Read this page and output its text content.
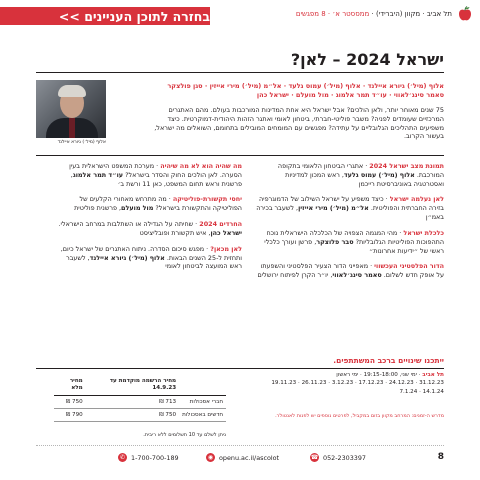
בחזרה לתוכן העניינים >>	תל אביב · מקוון (היברידי) · ממססטר א׳ · 8 מפגשים
ישראל 2024 – לאן?
אלוף (מיל׳) גיורא איילנד
אלוף (מיל׳) גיורא איילנד · אלוף (מיל׳) עמוס גלעד · אל״מ (מיל׳) מירי אייזין · סגן פולצקר סאמר סינג׳לאווי · עו״ד תמר אלמוג · מול מועלם · ישראל כהן
75 שנים מאוחר יותר, ולאן הולכים? אבל ישראל היא אחת המדינות המורכבות בעולם. מהם האתגרים המרכזיים שעומדים לפניה? משבר פוליטי-חברתי, ביטחון לאומי ואתגר הזהות היהודית-דמוקרטית. כיצד משפיעים התהליכים הגלובליים על עתידה? מפגשים עם המומחים המובילים בתחומם, השואלים מה ישראל, בעשור הקרוב.
תמונת מצב ישראל 2024 · אתגרי הביטחון הלאומי בתקופה המורכבת. אלוף (מיל׳) עמוס גלעד, ראש המכון למדיניות ואסטרטגיה באוניברסיטת רייכמן
לאן נעלמה ישראל · כיצד משפיע על ישראל השילוב של הדמוגרפיה בזירה החברתית והפוליטית. אל״מ (מיל׳) מירי אייזין, לשעבר בכירה באמ״ן
כלכלת ישראל · מהי המגמה הצפויה של הכלכלה הישראלית נוכח התהפוכות הפוליטיות הגלובליות? סבר פלוצקר, פרשן ועורך כלכלי ראשי של ״ידיעות אחרונות״
הדור הפלסטיני העכשווי · מאפייני הדור הצעיר הפלסטיני והשפעתו על אופק חדש לשלום. סאמר סינג׳לאווי, יו״ר הקרן לפיתוח ירושלים
מה שהיה הוא לא מה שיהיה · מערכת המשפט הישראלית בעין הסערה. לאן הולכים החוק והסדר בישראל? עו״ד תמר אלמוג, פרשנית וראש תחום המשפט, כאן 11 ורשת ב׳
יחסי תקשורת-פוליטיקה · מה מתרחש מאחורי הקלעים של הפוליטיקה והתקשורת בישראל? מול מועלם, פרשנית פוליטית
החרדים 2024 · שחיתה על הגדילה או השתלבות במרחב הישראלי. ישראל כהן, איש תקשורת ופובליציסט
לאן מכאן? · מפגש סיכום הסדרה. ניתוח האתגרים של ישראל כיום, ותחזית ל-25 השנים הבאות. אלוף (מיל׳) גיורא איילנד, לשעבר ראש המועצה לביטחון לאומי
ייתכנו שינויים ברכב המשתתפים.
תל אביב · ימי שני, 19:15-18:00 · ימי ראשון
31.12.23 · 24.12.23 · 17.12.23 · 3.12.23 · 26.11.23 · 19.11.23
14.1.24 · 7.1.24
מדרש ה-זמנים: המרחב מקוון בזום במקביל, לפרטים נוספים יש לפנות לאנטולר.
	מחיר הרשמה מוקדמת עד 14.9.23	מחיר מלא
חברי אסכולות	713 ₪	750 ₪
חדשים באסכולות	750 ₪	790 ₪
ניתן לשלם עד 10 תשלומים ללא ריבית.
8
☎ 052-2303397
◉ openu.ac.il/ascolot
✆ 1-700-700-189
